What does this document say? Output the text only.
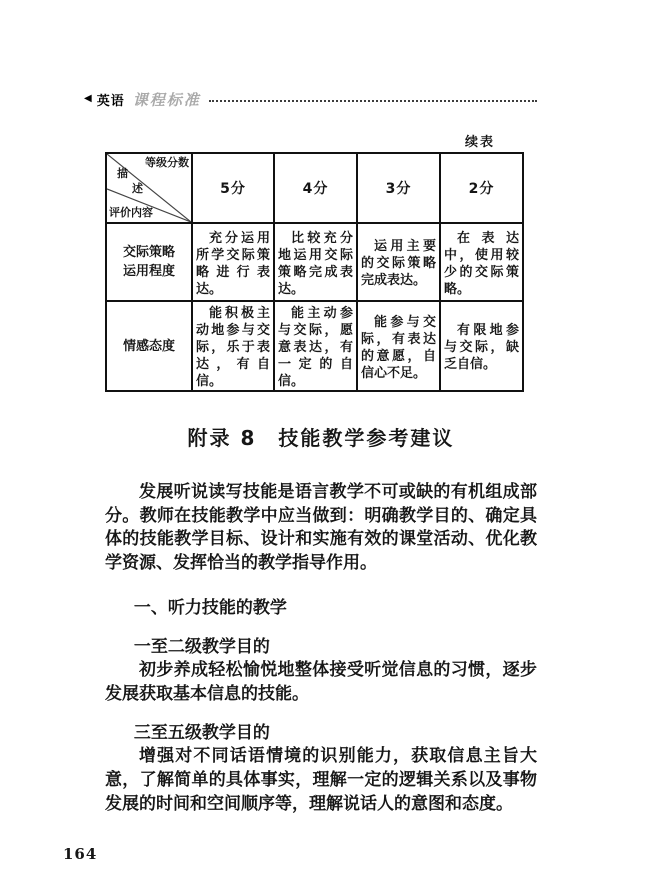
◀ 英语 课程标准
续表
等级分数
描
述
评价内容	5分	4分	3分	2分
交际策略运用程度	充分运用所学交际策略进行表达。	比较充分地运用交际策略完成表达。	运用主要的交际策略完成表达。	在表达中，使用较少的交际策略。

情感态度	能积极主动地参与交际，乐于表达，有自信。	能主动参与交际，愿意表达，有一定的自信。	能参与交际，有表达的意愿，自信心不足。	有限地参与交际，缺乏自信。

附录 8　技能教学参考建议

发展听说读写技能是语言教学不可或缺的有机组成部分。教师在技能教学中应当做到：明确教学目的、确定具体的技能教学目标、设计和实施有效的课堂活动、优化教学资源、发挥恰当的教学指导作用。

一、听力技能的教学
一至二级教学目的

初步养成轻松愉悦地整体接受听觉信息的习惯，逐步发展获取基本信息的技能。

三至五级教学目的

增强对不同话语情境的识别能力，获取信息主旨大意，了解简单的具体事实，理解一定的逻辑关系以及事物发展的时间和空间顺序等，理解说话人的意图和态度。

164
